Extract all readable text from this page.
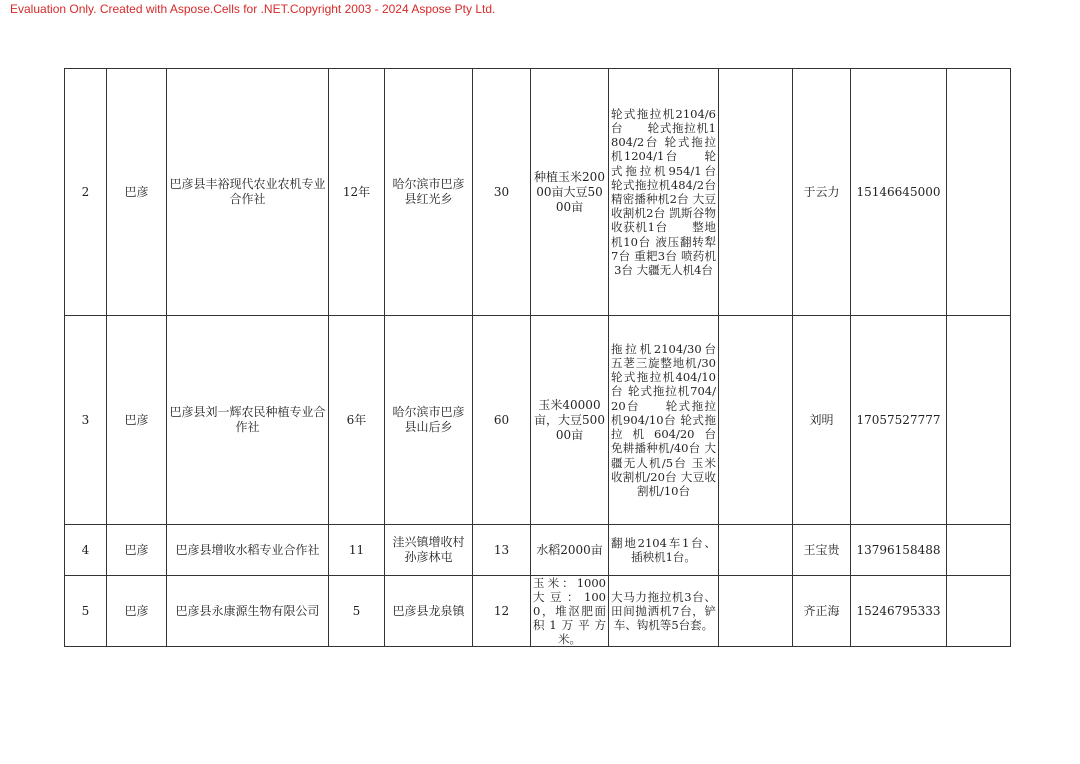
Evaluation Only. Created with Aspose.Cells for .NET.Copyright 2003 - 2024 Aspose Pty Ltd.
2	巴彦	巴彦县丰裕现代农业农机专业合作社	12年	哈尔滨市巴彦县红光乡	30	种植玉米20000亩大豆5000亩	轮式拖拉机2104/6台　　轮式拖拉机1804/2台 轮式拖拉机1204/1台　　轮式拖拉机954/1台　　轮式拖拉机484/2台 精密播种机2台 大豆收割机2台 凯斯谷物收获机1台　　整地机10台 液压翻转犁7台 重耙3台 喷药机3台 大疆无人机4台		于云力	15146645000	
3	巴彦	巴彦县刘一辉农民种植专业合作社	6年	哈尔滨市巴彦县山后乡	60	玉米40000亩，大豆50000亩	拖拉机2104/30台 五荖三旋整地机/30 轮式拖拉机404/10台 轮式拖拉机704/20台　　轮式拖拉机904/10台 轮式拖拉机604/20台　　免耕播种机/40台 大疆无人机/5台 玉米收割机/20台 大豆收割机/10台		刘明	17057527777	
4	巴彦	巴彦县增收水稻专业合作社	11	洼兴镇增收村孙彦林屯	13	水稻2000亩	翻地2104车1台、插秧机1台。		王宝贵	13796158488	
5	巴彦	巴彦县永康源生物有限公司	5	巴彦县龙泉镇	12	玉米：1000大豆：1000，堆沤肥面积1万平方米。	大马力拖拉机3台、田间抛洒机7台，铲车、钩机等5台套。		齐正海	15246795333	
